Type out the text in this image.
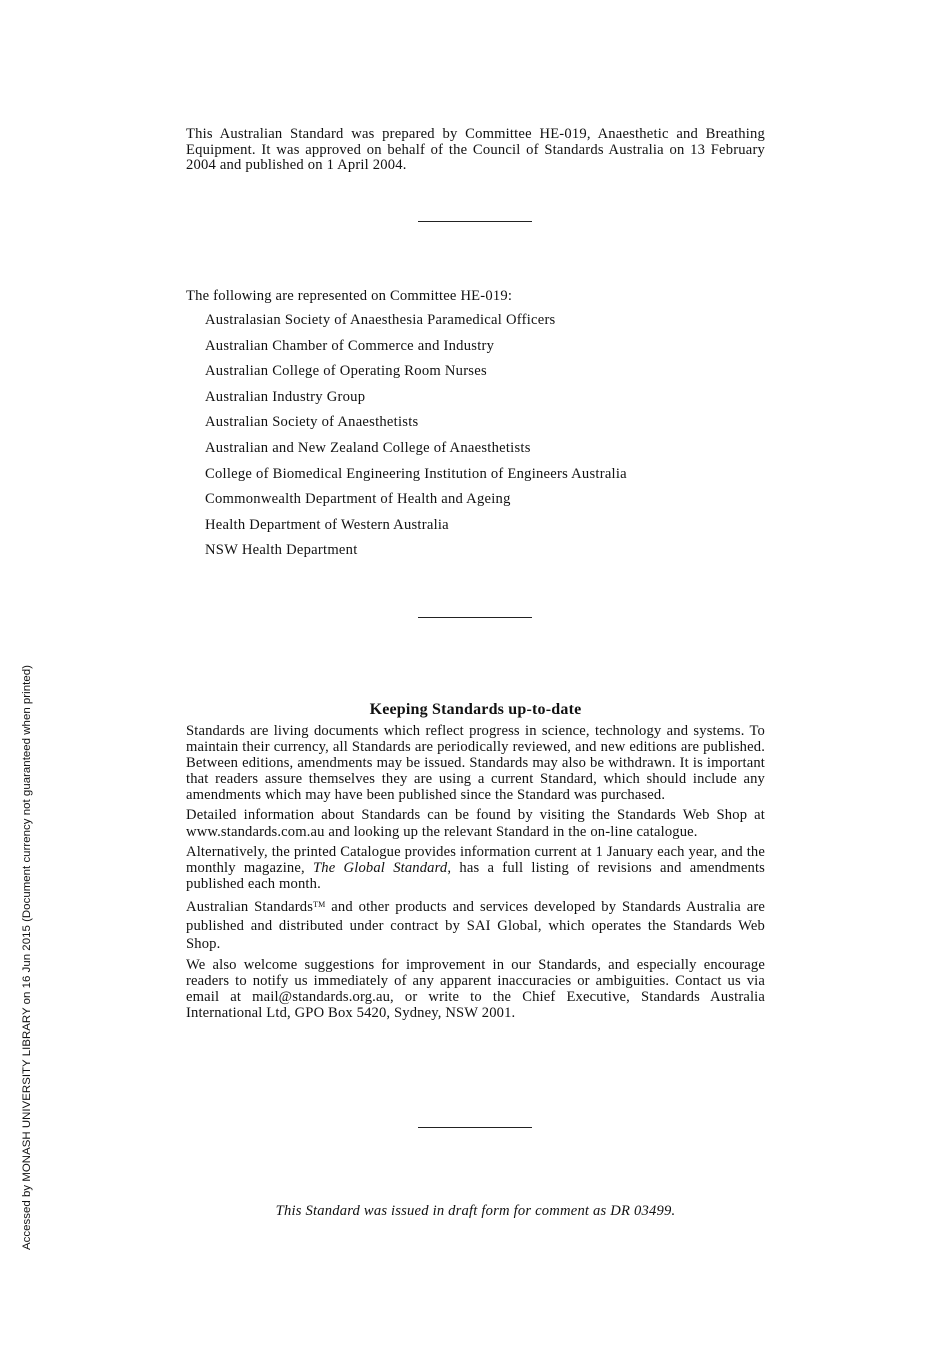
This Australian Standard was prepared by Committee HE-019, Anaesthetic and Breathing Equipment. It was approved on behalf of the Council of Standards Australia on 13 February 2004 and published on 1 April 2004.
The following are represented on Committee HE-019:
Australasian Society of Anaesthesia Paramedical Officers
Australian Chamber of Commerce and Industry
Australian College of Operating Room Nurses
Australian Industry Group
Australian Society of Anaesthetists
Australian and New Zealand College of Anaesthetists
College of Biomedical Engineering Institution of Engineers Australia
Commonwealth Department of Health and Ageing
Health Department of Western Australia
NSW Health Department
Keeping Standards up-to-date

Standards are living documents which reflect progress in science, technology and systems. To maintain their currency, all Standards are periodically reviewed, and new editions are published. Between editions, amendments may be issued. Standards may also be withdrawn. It is important that readers assure themselves they are using a current Standard, which should include any amendments which may have been published since the Standard was purchased.

Detailed information about Standards can be found by visiting the Standards Web Shop at www.standards.com.au and looking up the relevant Standard in the on-line catalogue.

Alternatively, the printed Catalogue provides information current at 1 January each year, and the monthly magazine, The Global Standard, has a full listing of revisions and amendments published each month.

Australian Standards™ and other products and services developed by Standards Australia are published and distributed under contract by SAI Global, which operates the Standards Web Shop.

We also welcome suggestions for improvement in our Standards, and especially encourage readers to notify us immediately of any apparent inaccuracies or ambiguities. Contact us via email at mail@standards.org.au, or write to the Chief Executive, Standards Australia International Ltd, GPO Box 5420, Sydney, NSW 2001.

This Standard was issued in draft form for comment as DR 03499.
Accessed by MONASH UNIVERSITY LIBRARY on 16 Jun 2015 (Document currency not guaranteed when printed)
